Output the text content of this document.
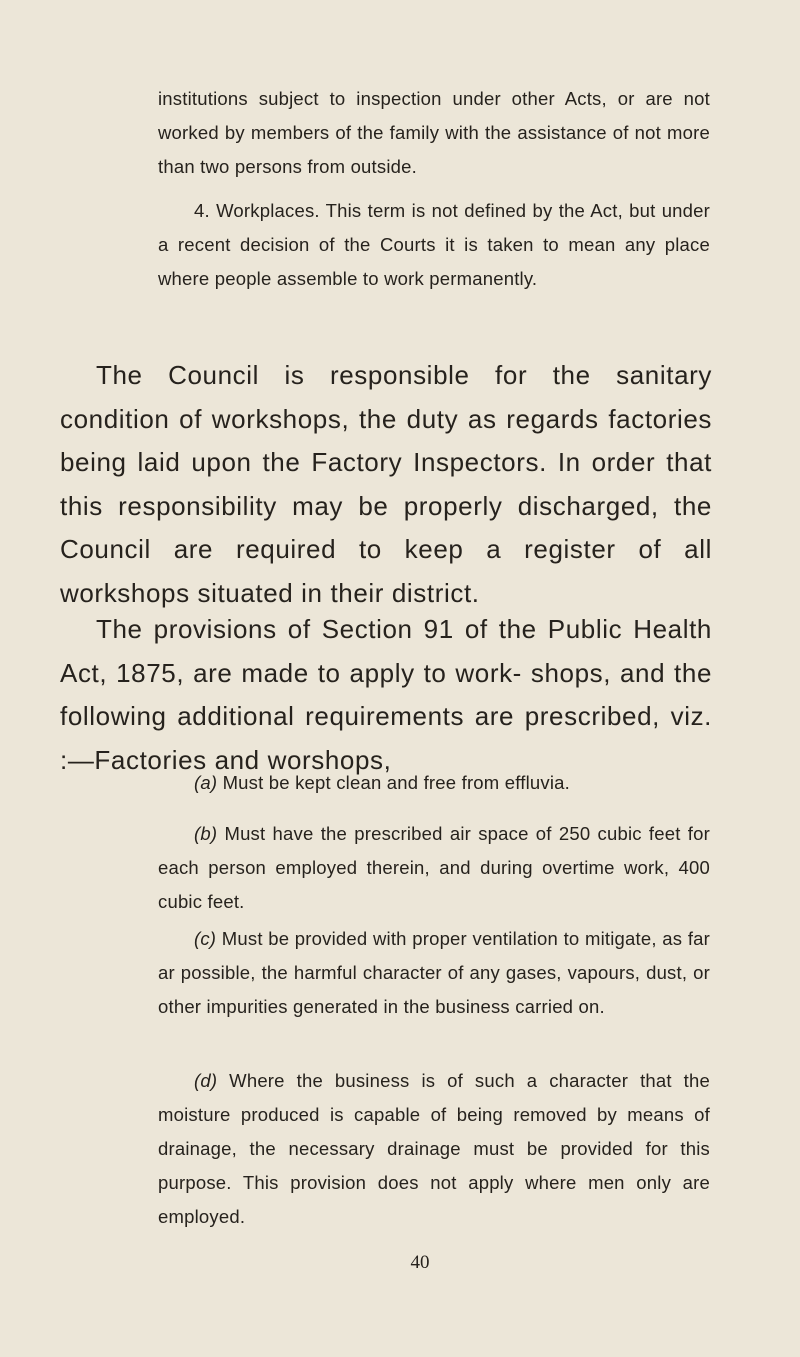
institutions subject to inspection under other Acts, or are not worked by members of the family with the assistance of not more than two persons from outside.

4. Workplaces. This term is not defined by the Act, but under a recent decision of the Courts it is taken to mean any place where people assemble to work permanently.

The Council is responsible for the sanitary condition of workshops, the duty as regards factories being laid upon the Factory Inspectors. In order that this responsibility may be properly discharged, the Council are required to keep a register of all workshops situated in their district.

The provisions of Section 91 of the Public Health Act, 1875, are made to apply to work- shops, and the following additional requirements are prescribed, viz. :—Factories and worshops,

(a) Must be kept clean and free from effluvia.

(b) Must have the prescribed air space of 250 cubic feet for each person employed therein, and during overtime work, 400 cubic feet.

(c) Must be provided with proper ventilation to mitigate, as far ar possible, the harmful character of any gases, vapours, dust, or other impurities generated in the business carried on.

(d) Where the business is of such a character that the moisture produced is capable of being removed by means of drainage, the necessary drainage must be provided for this purpose. This provision does not apply where men only are employed.

40
